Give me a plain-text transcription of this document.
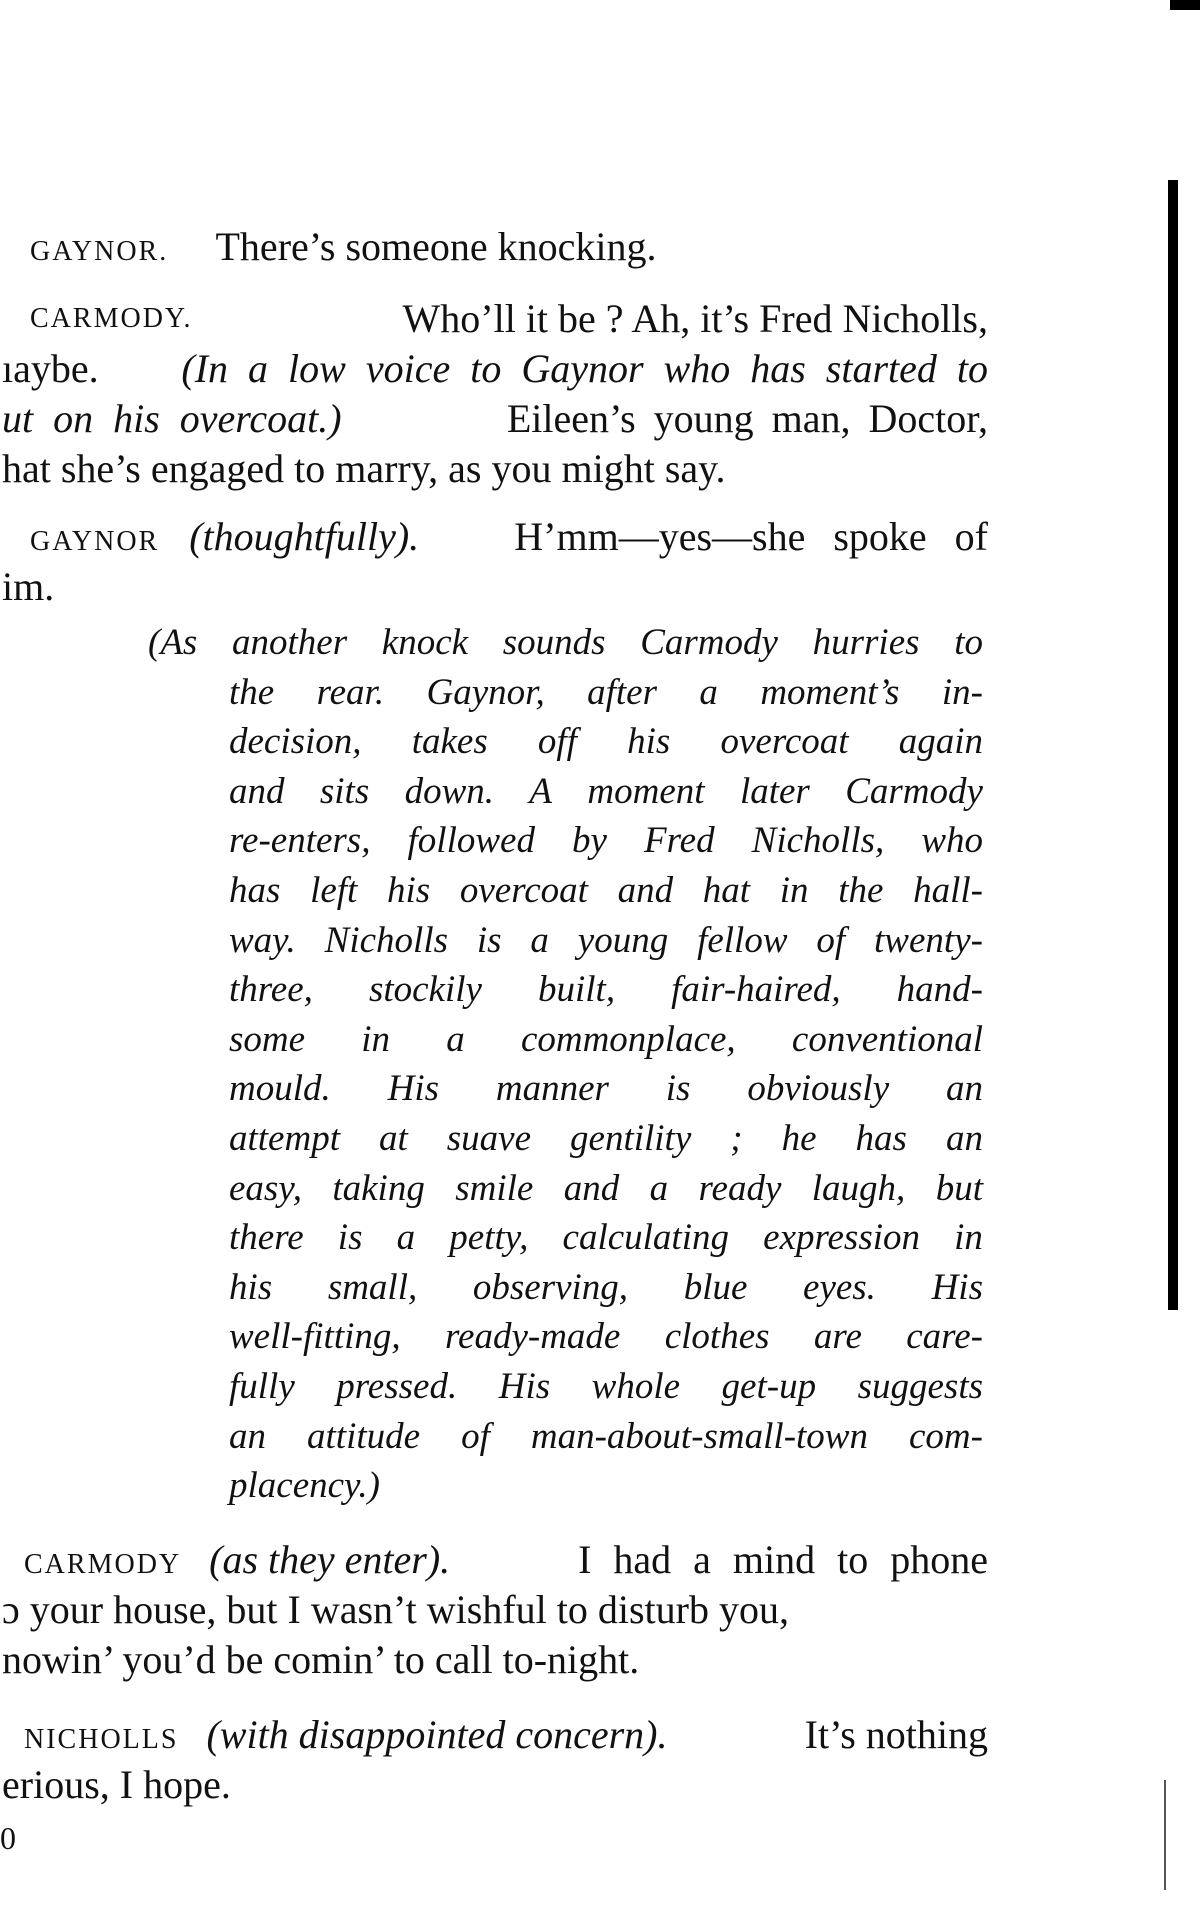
GAYNOR. There’s someone knocking.
CARMODY.	Who’ll it be ? Ah, it’s Fred Nicholls,
ıaybe. (In a low voice to Gaynor who has started to
ut on his overcoat.)	Eileen’s young man, Doctor,
hat she’s engaged to marry, as you might say.
GAYNOR (thoughtfully). H’mm—yes—she spoke of
im.
(As another knock sounds Carmody hurries to
the rear. Gaynor, after a moment’s in-
decision, takes off his overcoat again
and sits down. A moment later Carmody
re-enters, followed by Fred Nicholls, who
has left his overcoat and hat in the hall-
way. Nicholls is a young fellow of twenty-
three, stockily built, fair-haired, hand-
some in a commonplace, conventional
mould. His manner is obviously an
attempt at suave gentility ; he has an
easy, taking smile and a ready laugh, but
there is a petty, calculating expression in
his small, observing, blue eyes. His
well-fitting, ready-made clothes are care-
fully pressed. His whole get-up suggests
an attitude of man-about-small-town com-
placency.)
CARMODY (as they enter).	I had a mind to phone
ɔ your house, but I wasn’t wishful to disturb you,
nowin’ you’d be comin’ to call to-night.
NICHOLLS (with disappointed concern).	It’s nothing
erious, I hope.
0
